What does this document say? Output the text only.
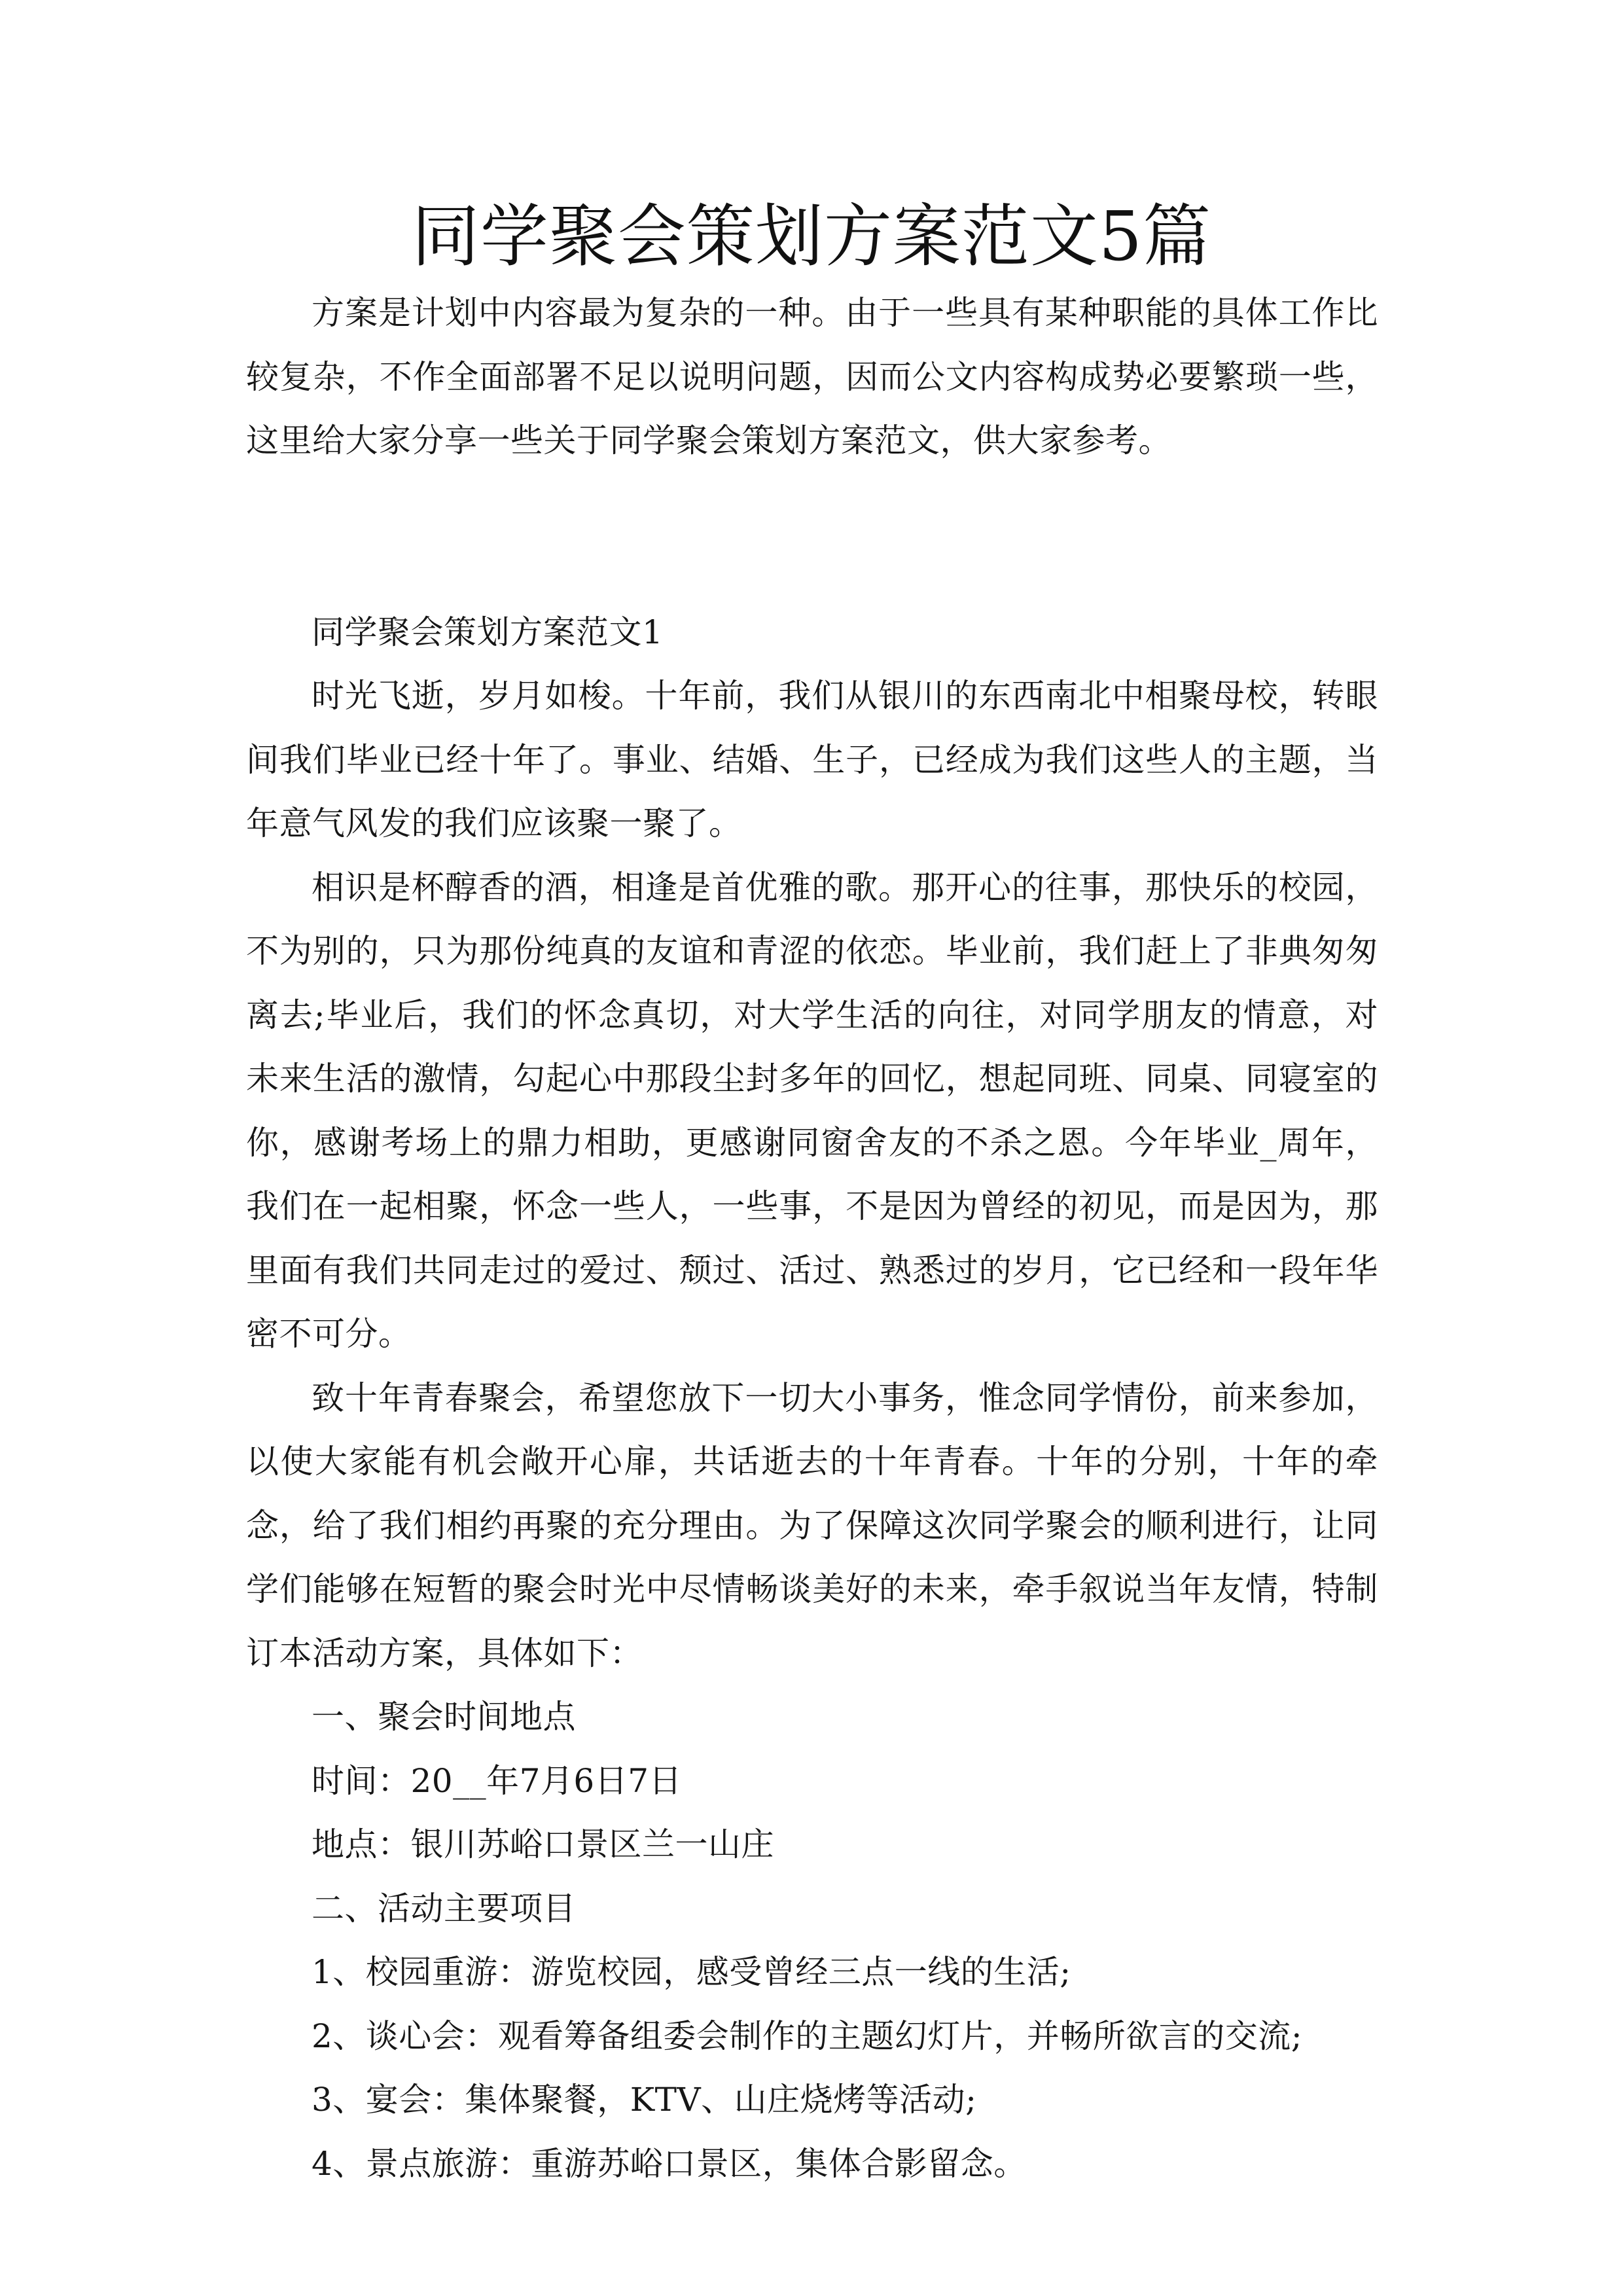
同学聚会策划方案范文5篇

方案是计划中内容最为复杂的一种。由于一些具有某种职能的具体工作比较复杂，不作全面部署不足以说明问题，因而公文内容构成势必要繁琐一些，这里给大家分享一些关于同学聚会策划方案范文，供大家参考。

同学聚会策划方案范文1

时光飞逝，岁月如梭。十年前，我们从银川的东西南北中相聚母校，转眼间我们毕业已经十年了。事业、结婚、生子，已经成为我们这些人的主题，当年意气风发的我们应该聚一聚了。

相识是杯醇香的酒，相逢是首优雅的歌。那开心的往事，那快乐的校园，不为别的，只为那份纯真的友谊和青涩的依恋。毕业前，我们赶上了非典匆匆离去;毕业后，我们的怀念真切，对大学生活的向往，对同学朋友的情意，对未来生活的激情，勾起心中那段尘封多年的回忆，想起同班、同桌、同寝室的你，感谢考场上的鼎力相助，更感谢同窗舍友的不杀之恩。今年毕业_周年，我们在一起相聚，怀念一些人，一些事，不是因为曾经的初见，而是因为，那里面有我们共同走过的爱过、颓过、活过、熟悉过的岁月，它已经和一段年华密不可分。

致十年青春聚会，希望您放下一切大小事务，惟念同学情份，前来参加，以使大家能有机会敞开心扉，共话逝去的十年青春。十年的分别，十年的牵念，给了我们相约再聚的充分理由。为了保障这次同学聚会的顺利进行，让同学们能够在短暂的聚会时光中尽情畅谈美好的未来，牵手叙说当年友情，特制订本活动方案，具体如下：

一、聚会时间地点

时间：20__年7月6日7日

地点：银川苏峪口景区兰一山庄

二、活动主要项目

1、校园重游：游览校园，感受曾经三点一线的生活;

2、谈心会：观看筹备组委会制作的主题幻灯片，并畅所欲言的交流;

3、宴会：集体聚餐，KTV、山庄烧烤等活动;

4、景点旅游：重游苏峪口景区，集体合影留念。
